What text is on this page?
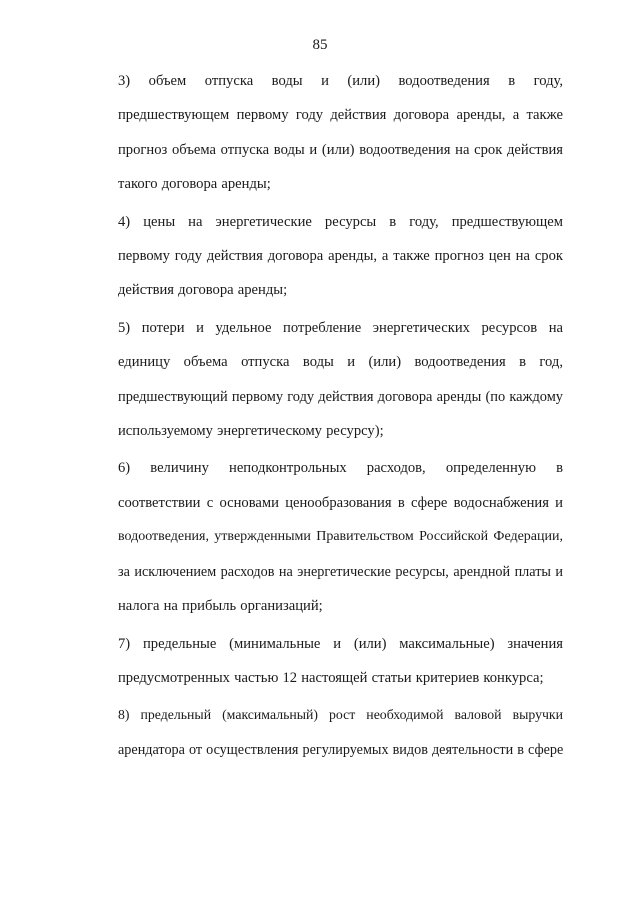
85
3) объем отпуска воды и (или) водоотведения в году,
предшествующем первому году действия договора аренды, а также
прогноз объема отпуска воды и (или) водоотведения на срок действия
такого договора аренды;
4) цены на энергетические ресурсы в году, предшествующем
первому году действия договора аренды, а также прогноз цен на срок
действия договора аренды;
5) потери и удельное потребление энергетических ресурсов на
единицу объема отпуска воды и (или) водоотведения в год,
предшествующий первому году действия договора аренды (по каждому
используемому энергетическому ресурсу);
6) величину неподконтрольных расходов, определенную в
соответствии с основами ценообразования в сфере водоснабжения и
водоотведения, утвержденными Правительством Российской Федерации,
за исключением расходов на энергетические ресурсы, арендной платы и
налога на прибыль организаций;
7) предельные (минимальные и (или) максимальные) значения
предусмотренных частью 12 настоящей статьи критериев конкурса;
8) предельный (максимальный) рост необходимой валовой выручки
арендатора от осуществления регулируемых видов деятельности в сфере
